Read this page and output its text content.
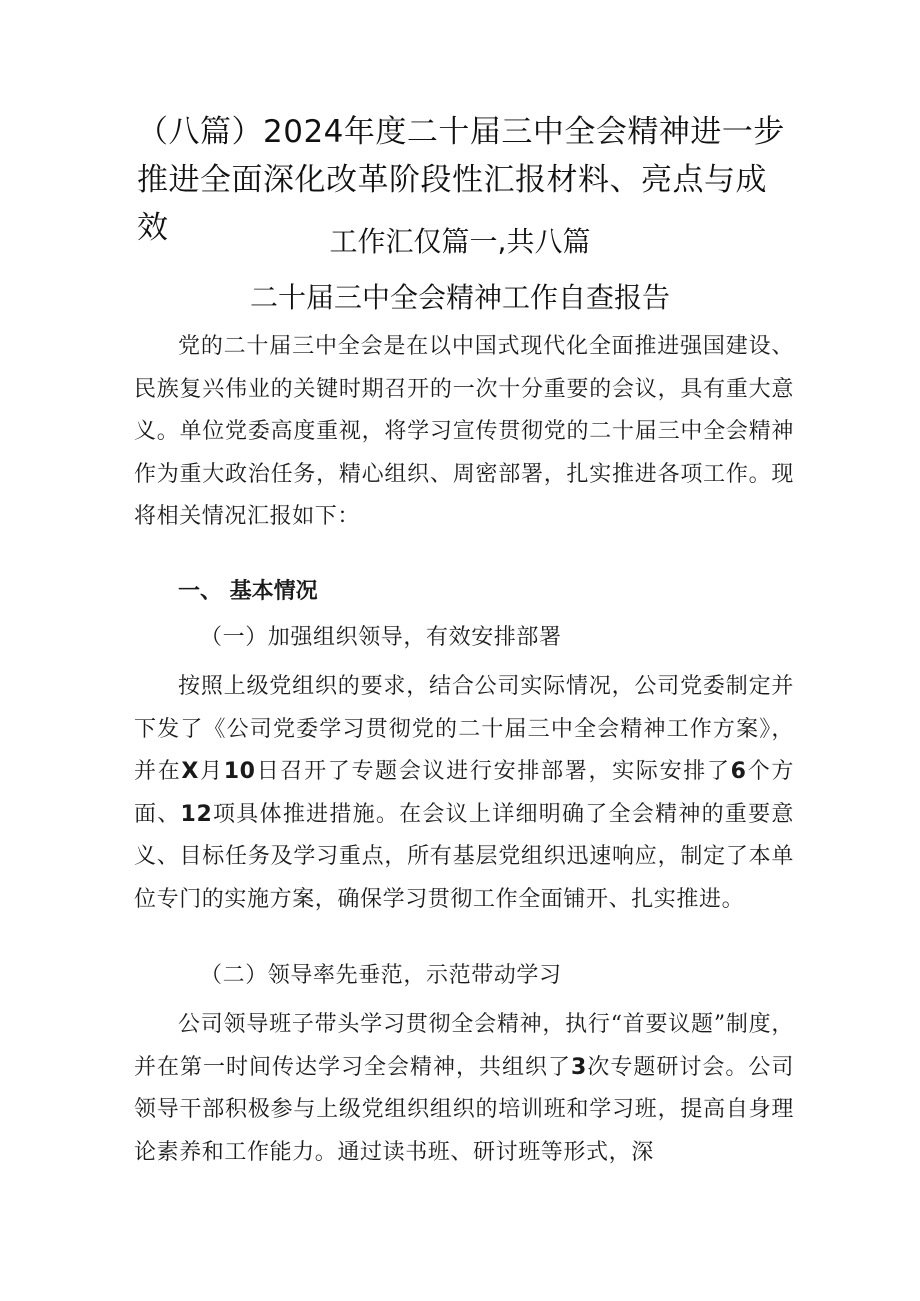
（八篇）2024年度二十届三中全会精神进一步推进全面深化改革阶段性汇报材料、亮点与成效	工作汇仅篇一,共八篇
二十届三中全会精神工作自查报告
党的二十届三中全会是在以中国式现代化全面推进强国建设、民族复兴伟业的关键时期召开的一次十分重要的会议，具有重大意义。单位党委高度重视，将学习宣传贯彻党的二十届三中全会精神作为重大政治任务，精心组织、周密部署，扎实推进各项工作。现将相关情况汇报如下：
一、 基本情况
（一）加强组织领导，有效安排部署
按照上级党组织的要求，结合公司实际情况，公司党委制定并下发了《公司党委学习贯彻党的二十届三中全会精神工作方案》，并在X月10日召开了专题会议进行安排部署，实际安排了6个方面、12项具体推进措施。在会议上详细明确了全会精神的重要意义、目标任务及学习重点，所有基层党组织迅速响应，制定了本单位专门的实施方案，确保学习贯彻工作全面铺开、扎实推进。
（二）领导率先垂范，示范带动学习
公司领导班子带头学习贯彻全会精神，执行“首要议题”制度，并在第一时间传达学习全会精神，共组织了3次专题研讨会。公司领导干部积极参与上级党组织组织的培训班和学习班，提高自身理论素养和工作能力。通过读书班、研讨班等形式，深
